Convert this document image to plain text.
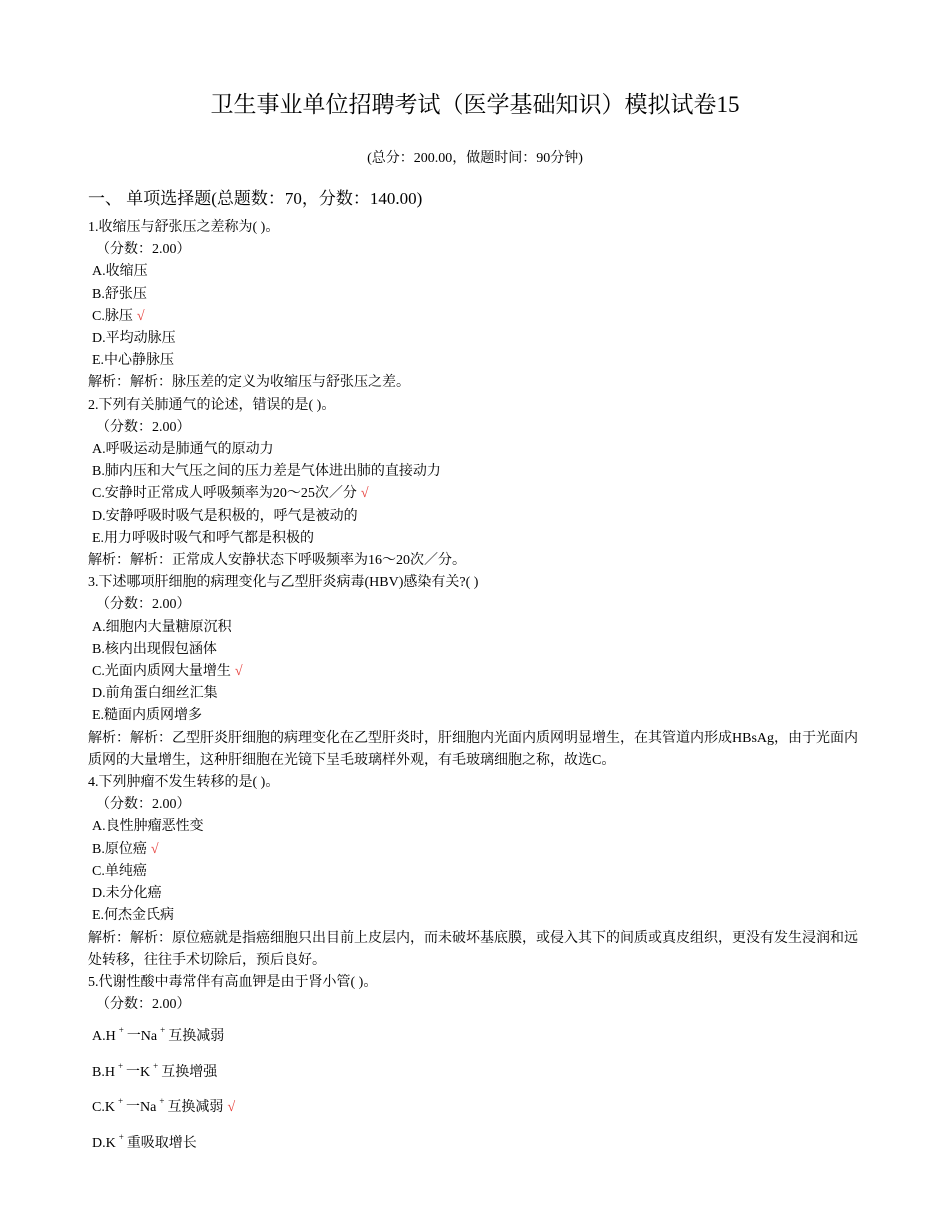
卫生事业单位招聘考试（医学基础知识）模拟试卷15
(总分：200.00，做题时间：90分钟)
一、 单项选择题(总题数：70，分数：140.00)
1.收缩压与舒张压之差称为( )。
（分数：2.00）
A.收缩压
B.舒张压
C.脉压 √
D.平均动脉压
E.中心静脉压
解析：解析：脉压差的定义为收缩压与舒张压之差。
2.下列有关肺通气的论述，错误的是( )。
（分数：2.00）
A.呼吸运动是肺通气的原动力
B.肺内压和大气压之间的压力差是气体进出肺的直接动力
C.安静时正常成人呼吸频率为20～25次／分 √
D.安静呼吸时吸气是积极的，呼气是被动的
E.用力呼吸时吸气和呼气都是积极的
解析：解析：正常成人安静状态下呼吸频率为16～20次／分。
3.下述哪项肝细胞的病理变化与乙型肝炎病毒(HBV)感染有关?( )
（分数：2.00）
A.细胞内大量糖原沉积
B.核内出现假包涵体
C.光面内质网大量增生 √
D.前角蛋白细丝汇集
E.糙面内质网增多
解析：解析：乙型肝炎肝细胞的病理变化在乙型肝炎时，肝细胞内光面内质网明显增生，在其管道内形成HBsAg，由于光面内质网的大量增生，这种肝细胞在光镜下呈毛玻璃样外观，有毛玻璃细胞之称，故选C。
4.下列肿瘤不发生转移的是( )。
（分数：2.00）
A.良性肿瘤恶性变
B.原位癌 √
C.单纯癌
D.未分化癌
E.何杰金氏病
解析：解析：原位癌就是指癌细胞只出目前上皮层内，而未破坏基底膜，或侵入其下的间质或真皮组织，更没有发生浸润和远处转移，往往手术切除后，预后良好。
5.代谢性酸中毒常伴有高血钾是由于肾小管( )。
（分数：2.00）
A.H + 一Na + 互换减弱
B.H + 一K + 互换增强
C.K + 一Na + 互换减弱 √
D.K + 重吸取增长
